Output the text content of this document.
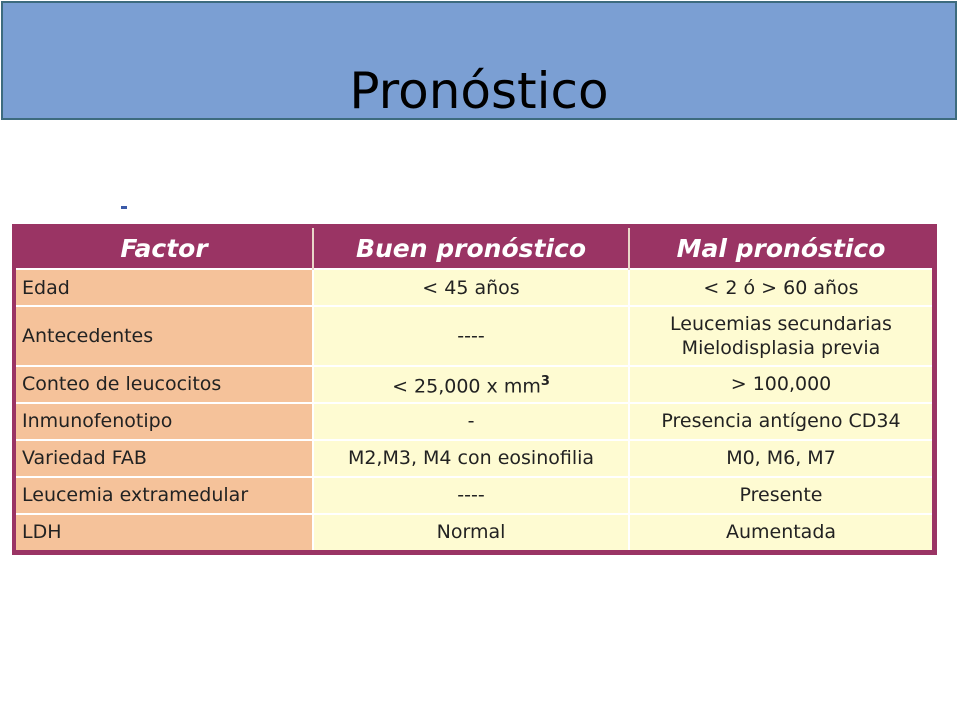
Pronóstico
Factor	Buen pronóstico	Mal pronóstico
Edad	< 45 años	< 2 ó > 60 años
Antecedentes	----	Leucemias secundarias
Mielodisplasia previa

Conteo de leucocitos	< 25,000 x $mm^3$	> 100,000
Inmunofenotipo	-	Presencia antígeno CD34
Variedad FAB	M2,M3, M4 con eosinofilia	M0, M6, M7
Leucemia extramedular	----	Presente
LDH	Normal	Aumentada
